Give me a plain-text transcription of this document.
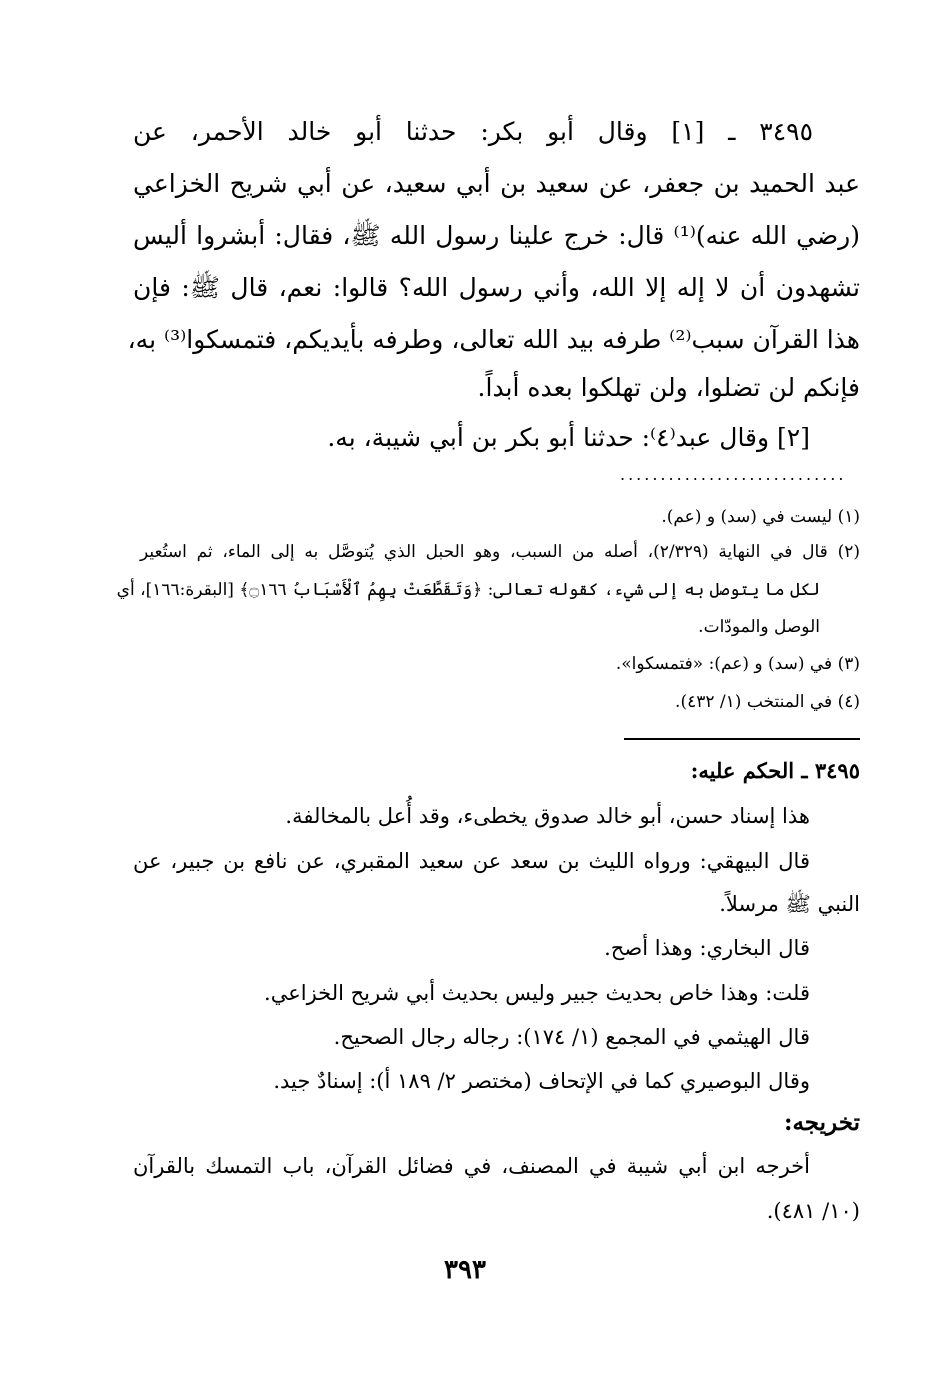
٣٤٩٥ ـ [١] وقال أبو بكر: حدثنا أبو خالد الأحمر، عن
عبد الحميد بن جعفر، عن سعيد بن أبي سعيد، عن أبي شريح الخزاعي
(رضي الله عنه)⁽¹⁾ قال: خرج علينا رسول الله ﷺ، فقال: أبشروا أليس
تشهدون أن لا إله إلا الله، وأني رسول الله؟ قالوا: نعم، قال ﷺ: فإن
هذا القرآن سبب⁽²⁾ طرفه بيد الله تعالى، وطرفه بأيديكم، فتمسكوا⁽³⁾ به،
فإنكم لن تضلوا، ولن تهلكوا بعده أبداً.
[٢] وقال عبد⁽٤⁾: حدثنا أبو بكر بن أبي شيبة، به.
............................
(١) ليست في (سد) و (عم).
(٢) قال في النهاية (٢/٣٢٩)، أصله من السبب، وهو الحبل الذي يُتوصَّل به إلى الماء، ثم استُعير
لكل ما يتوصل به إلى شيء، كقوله تعالى: ﴿وَتَقَطَّعَتْ بِهِمُ ٱلْأَسْبَابُ ۝١٦٦﴾ [البقرة:١٦٦]، أي
الوصل والمودّات.
(٣) في (سد) و (عم): «فتمسكوا».
(٤) في المنتخب (١/ ٤٣٢).
٣٤٩٥ ـ الحكم عليه:
هذا إسناد حسن، أبو خالد صدوق يخطىء، وقد أُعل بالمخالفة.
قال البيهقي: ورواه الليث بن سعد عن سعيد المقبري، عن نافع بن جبير، عن
النبي ﷺ مرسلاً.
قال البخاري: وهذا أصح.
قلت: وهذا خاص بحديث جبير وليس بحديث أبي شريح الخزاعي.
قال الهيثمي في المجمع (١/ ١٧٤): رجاله رجال الصحيح.
وقال البوصيري كما في الإتحاف (مختصر ٢/ ١٨٩ أ): إسنادٌ جيد.
تخريجه:
أخرجه ابن أبي شيبة في المصنف، في فضائل القرآن، باب التمسك بالقرآن
(١٠/ ٤٨١).
٣٩٣
